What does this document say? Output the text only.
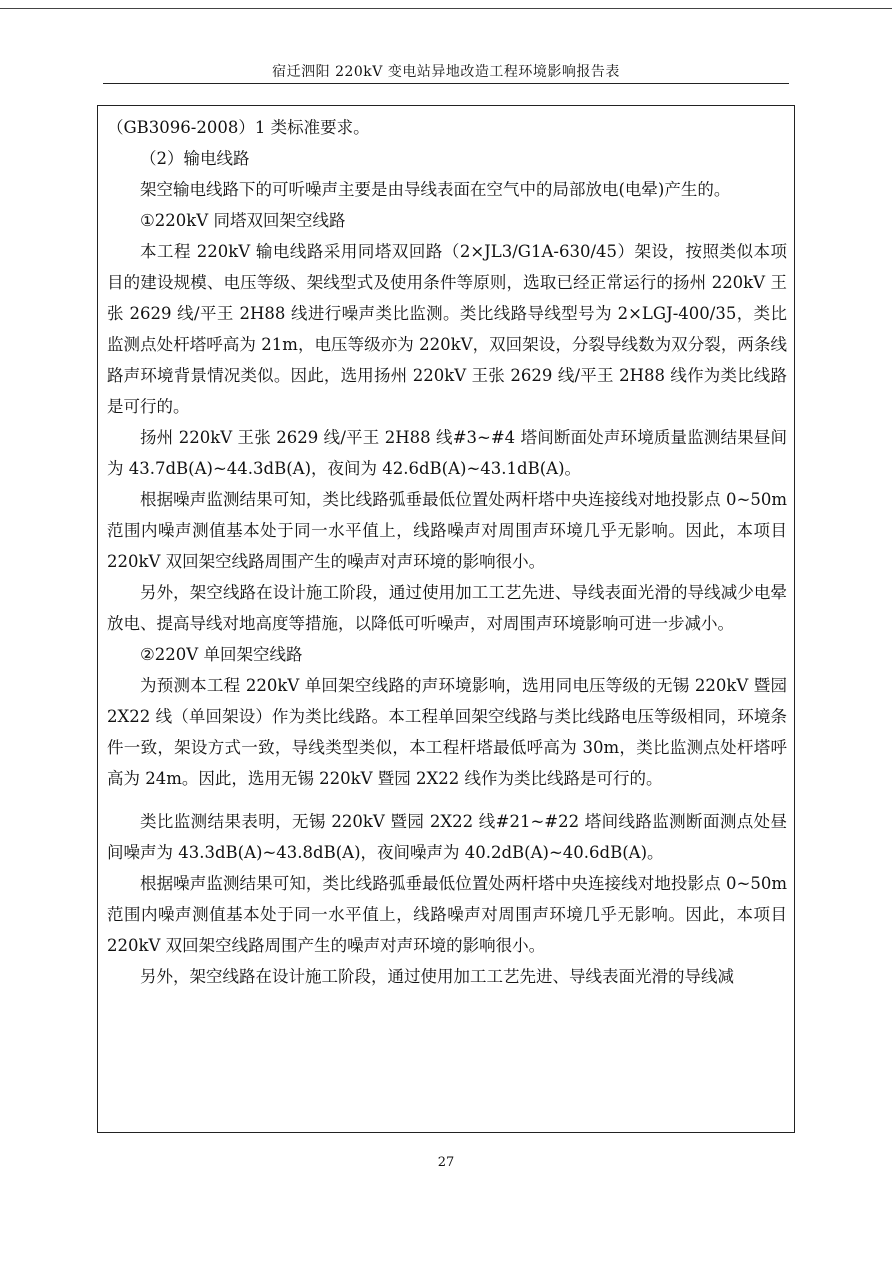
宿迁泗阳 220kV 变电站异地改造工程环境影响报告表

（GB3096-2008）1 类标准要求。

（2）输电线路

架空输电线路下的可听噪声主要是由导线表面在空气中的局部放电(电晕)产生的。

①220kV 同塔双回架空线路

本工程 220kV 输电线路采用同塔双回路（2×JL3/G1A-630/45）架设，按照类似本项目的建设规模、电压等级、架线型式及使用条件等原则，选取已经正常运行的扬州 220kV 王张 2629 线/平王 2H88 线进行噪声类比监测。类比线路导线型号为 2×LGJ-400/35，类比监测点处杆塔呼高为 21m，电压等级亦为 220kV，双回架设，分裂导线数为双分裂，两条线路声环境背景情况类似。因此，选用扬州 220kV 王张 2629 线/平王 2H88 线作为类比线路是可行的。

扬州 220kV 王张 2629 线/平王 2H88 线#3~#4 塔间断面处声环境质量监测结果昼间为 43.7dB(A)~44.3dB(A)，夜间为 42.6dB(A)~43.1dB(A)。

根据噪声监测结果可知，类比线路弧垂最低位置处两杆塔中央连接线对地投影点 0~50m 范围内噪声测值基本处于同一水平值上，线路噪声对周围声环境几乎无影响。因此，本项目 220kV 双回架空线路周围产生的噪声对声环境的影响很小。

另外，架空线路在设计施工阶段，通过使用加工工艺先进、导线表面光滑的导线减少电晕放电、提高导线对地高度等措施，以降低可听噪声，对周围声环境影响可进一步减小。

②220V 单回架空线路

为预测本工程 220kV 单回架空线路的声环境影响，选用同电压等级的无锡 220kV 暨园 2X22 线（单回架设）作为类比线路。本工程单回架空线路与类比线路电压等级相同，环境条件一致，架设方式一致，导线类型类似，本工程杆塔最低呼高为 30m，类比监测点处杆塔呼高为 24m。因此，选用无锡 220kV 暨园 2X22 线作为类比线路是可行的。

类比监测结果表明，无锡 220kV 暨园 2X22 线#21~#22 塔间线路监测断面测点处昼间噪声为 43.3dB(A)~43.8dB(A)，夜间噪声为 40.2dB(A)~40.6dB(A)。

根据噪声监测结果可知，类比线路弧垂最低位置处两杆塔中央连接线对地投影点 0~50m 范围内噪声测值基本处于同一水平值上，线路噪声对周围声环境几乎无影响。因此，本项目 220kV 双回架空线路周围产生的噪声对声环境的影响很小。

另外，架空线路在设计施工阶段，通过使用加工工艺先进、导线表面光滑的导线减

27
